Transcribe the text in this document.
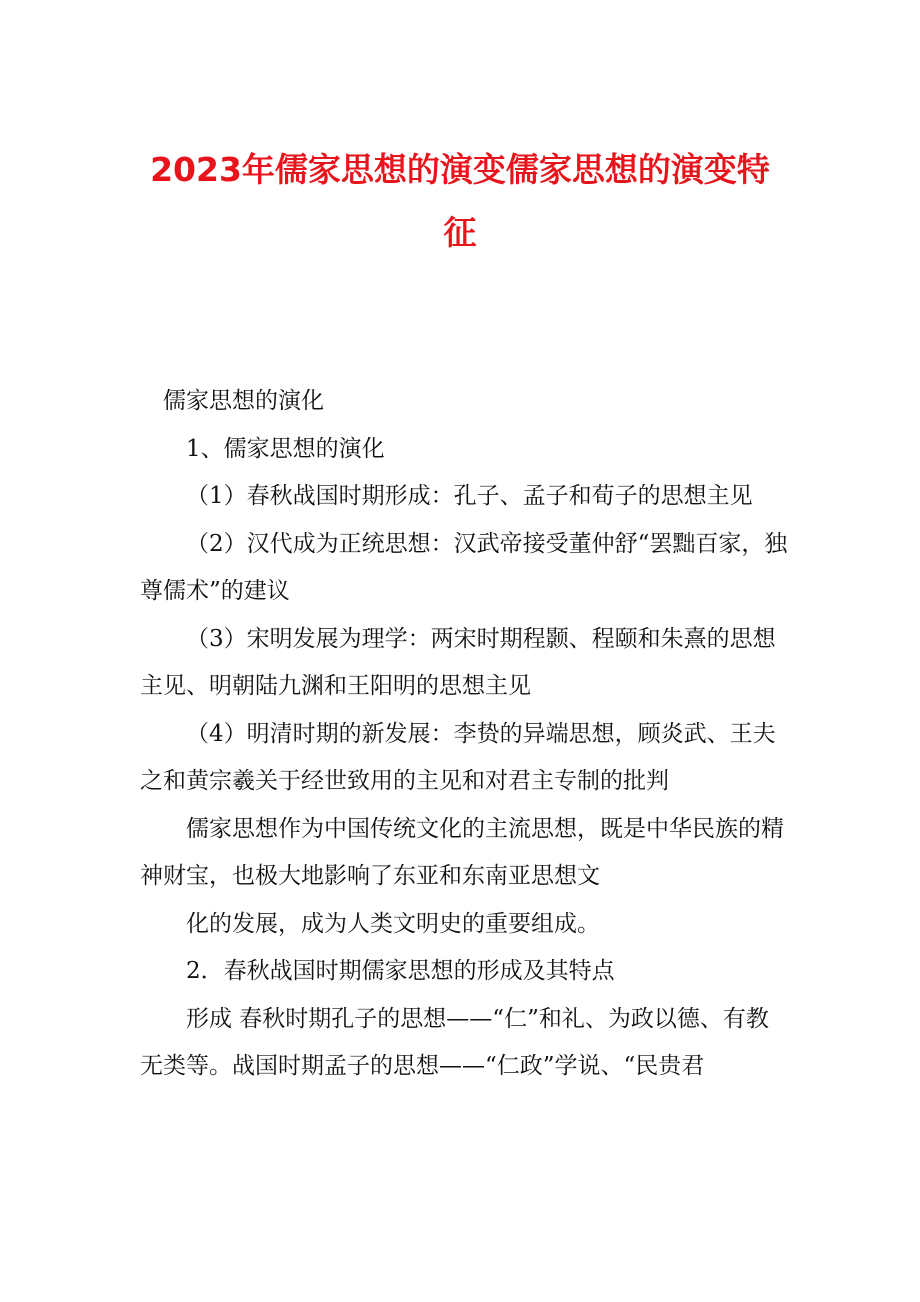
2023年儒家思想的演变儒家思想的演变特征

儒家思想的演化

1、儒家思想的演化

（1）春秋战国时期形成：孔子、孟子和荀子的思想主见

（2）汉代成为正统思想：汉武帝接受董仲舒“罢黜百家，独尊儒术”的建议

（3）宋明发展为理学：两宋时期程颢、程颐和朱熹的思想主见、明朝陆九渊和王阳明的思想主见

（4）明清时期的新发展：李贽的异端思想，顾炎武、王夫之和黄宗羲关于经世致用的主见和对君主专制的批判

儒家思想作为中国传统文化的主流思想，既是中华民族的精神财宝，也极大地影响了东亚和东南亚思想文

化的发展，成为人类文明史的重要组成。

2．春秋战国时期儒家思想的形成及其特点

形成 春秋时期孔子的思想——“仁”和礼、为政以德、有教无类等。战国时期孟子的思想——“仁政”学说、“民贵君
